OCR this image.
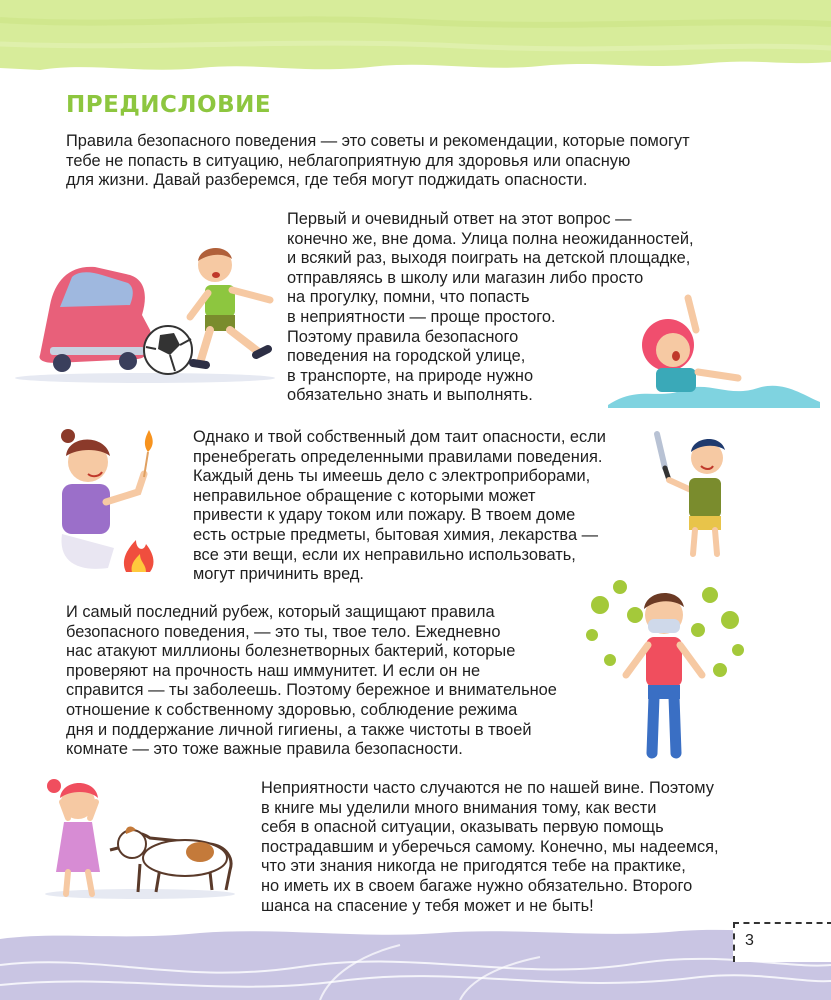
ПРЕДИСЛОВИЕ

Правила безопасного поведения — это советы и рекомендации, которые помогут
тебе не попасть в ситуацию, неблагоприятную для здоровья или опасную
для жизни. Давай разберемся, где тебя могут поджидать опасности.

Первый и очевидный ответ на этот вопрос —
конечно же, вне дома. Улица полна неожиданностей,
и всякий раз, выходя поиграть на детской площадке,
отправляясь в школу или магазин либо просто
на прогулку, помни, что попасть
в неприятности — проще простого.
Поэтому правила безопасного
поведения на городской улице,
в транспорте, на природе нужно
обязательно знать и выполнять.

Однако и твой собственный дом таит опасности, если
пренебрегать определенными правилами поведения.
Каждый день ты имеешь дело с электроприборами,
неправильное обращение с которыми может
привести к удару током или пожару. В твоем доме
есть острые предметы, бытовая химия, лекарства —
все эти вещи, если их неправильно использовать,
могут причинить вред.

И самый последний рубеж, который защищают правила
безопасного поведения, — это ты, твое тело. Ежедневно
нас атакуют миллионы болезнетворных бактерий, которые
проверяют на прочность наш иммунитет. И если он не
справится — ты заболеешь. Поэтому бережное и внимательное
отношение к собственному здоровью, соблюдение режима
дня и поддержание личной гигиены, а также чистоты в твоей
комнате — это тоже важные правила безопасности.

Неприятности часто случаются не по нашей вине. Поэтому
в книге мы уделили много внимания тому, как вести
себя в опасной ситуации, оказывать первую помощь
пострадавшим и уберечься самому. Конечно, мы надеемся,
что эти знания никогда не пригодятся тебе на практике,
но иметь их в своем багаже нужно обязательно. Второго
шанса на спасение у тебя может и не быть!

3
